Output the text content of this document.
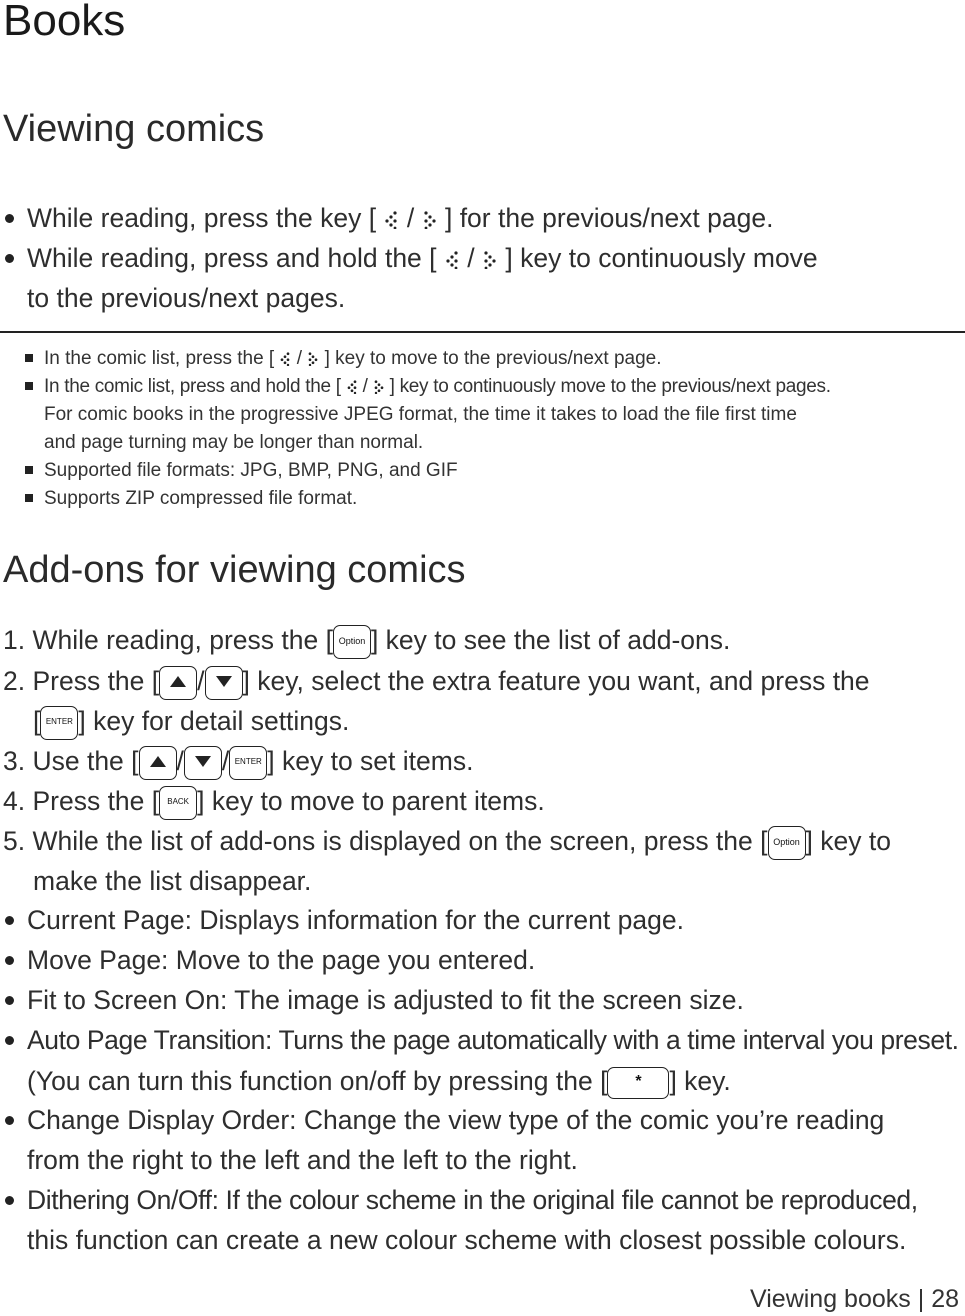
Books
Viewing comics
While reading, press the key [ / ] for the previous/next page.
While reading, press and hold the [ / ] key to continuously move
to the previous/next pages.
In the comic list, press the [ / ] key to move to the previous/next page.
In the comic list, press and hold the [ / ] key to continuously move to the previous/next pages.
For comic books in the progressive JPEG format, the time it takes to load the file first time
and page turning may be longer than normal.
Supported file formats: JPG, BMP, PNG, and GIF
Supports ZIP compressed file format.
Add-ons for viewing comics
1. While reading, press the [ Option ] key to see the list of add-ons.
2. Press the [ / ] key, select the extra feature you want, and press the
[ ENTER ] key for detail settings.
3. Use the [ / / ENTER ] key to set items.
4. Press the [ BACK ] key to move to parent items.
5. While the list of add-ons is displayed on the screen, press the [ Option ] key to
make the list disappear.
Current Page: Displays information for the current page.
Move Page: Move to the page you entered.
Fit to Screen On: The image is adjusted to fit the screen size.
Auto Page Transition: Turns the page automatically with a time interval you preset.
(You can turn this function on/off by pressing the [ * ] key.
Change Display Order: Change the view type of the comic you’re reading
from the right to the left and the left to the right.
Dithering On/Off: If the colour scheme in the original file cannot be reproduced,
this function can create a new colour scheme with closest possible colours.
Viewing books | 28
